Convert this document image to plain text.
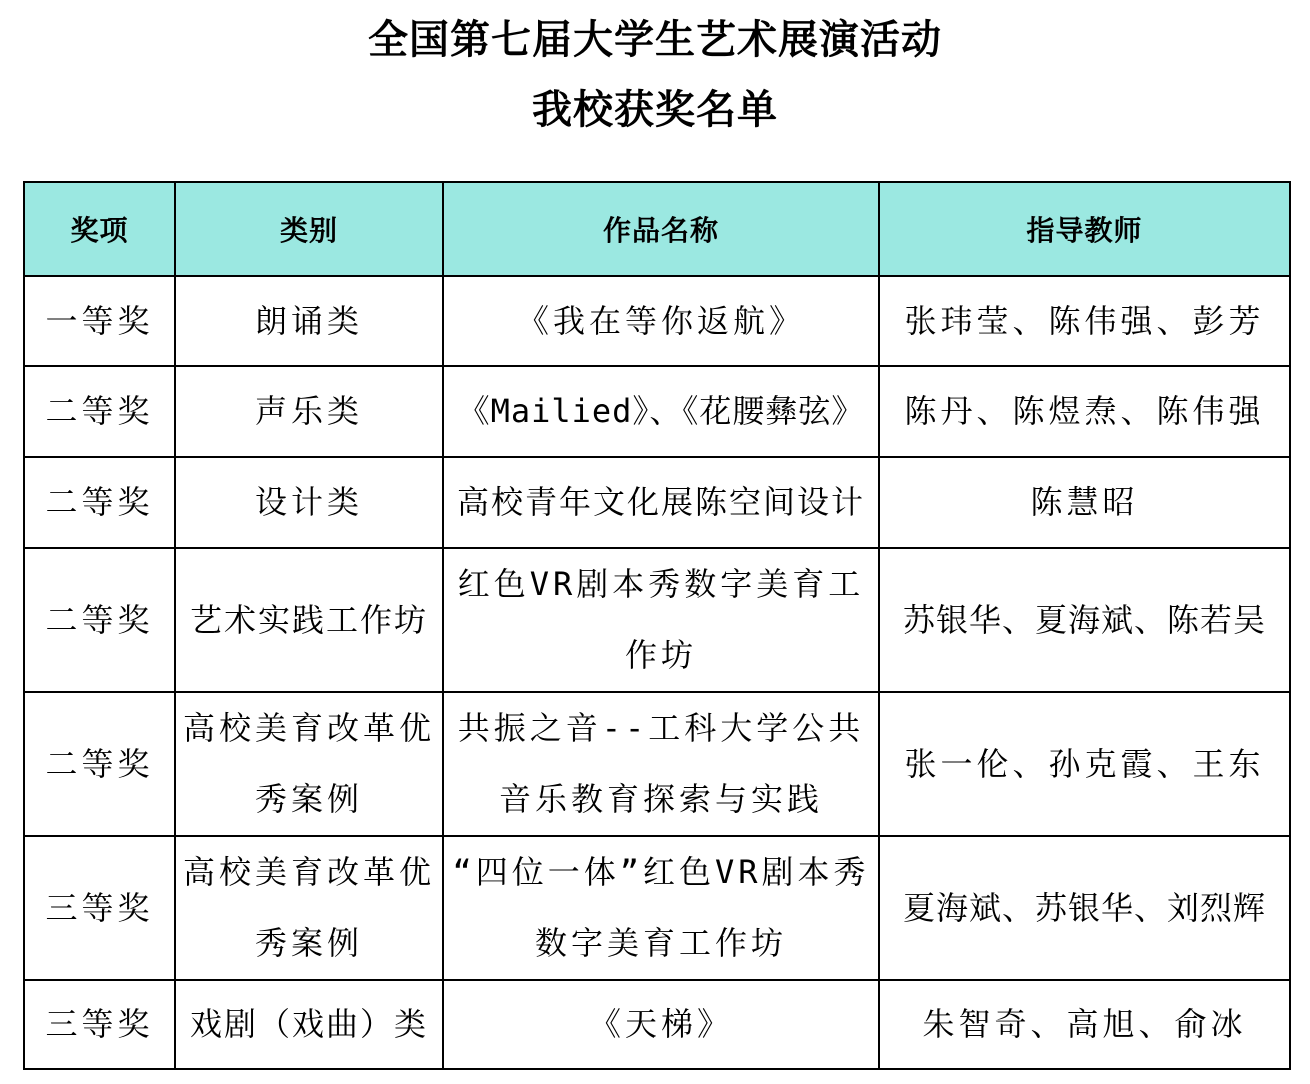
全国第七届大学生艺术展演活动
我校获奖名单
奖项	类别	作品名称	指导教师
一等奖	朗诵类	《我在等你返航》	张玮莹、陈伟强、彭芳
二等奖	声乐类	《Mailied》、《花腰彝弦》	陈丹、陈煜焘、陈伟强
二等奖	设计类	高校青年文化展陈空间设计	陈慧昭
二等奖	艺术实践工作坊	红色VR剧本秀数字美育工作坊	苏银华、夏海斌、陈若吴
二等奖	高校美育改革优秀案例	共振之音--工科大学公共音乐教育探索与实践	张一伦、孙克霞、王东
三等奖	高校美育改革优秀案例	“四位一体”红色VR剧本秀数字美育工作坊	夏海斌、苏银华、刘烈辉
三等奖	戏剧（戏曲）类	《天梯》	朱智奇、高旭、俞冰
